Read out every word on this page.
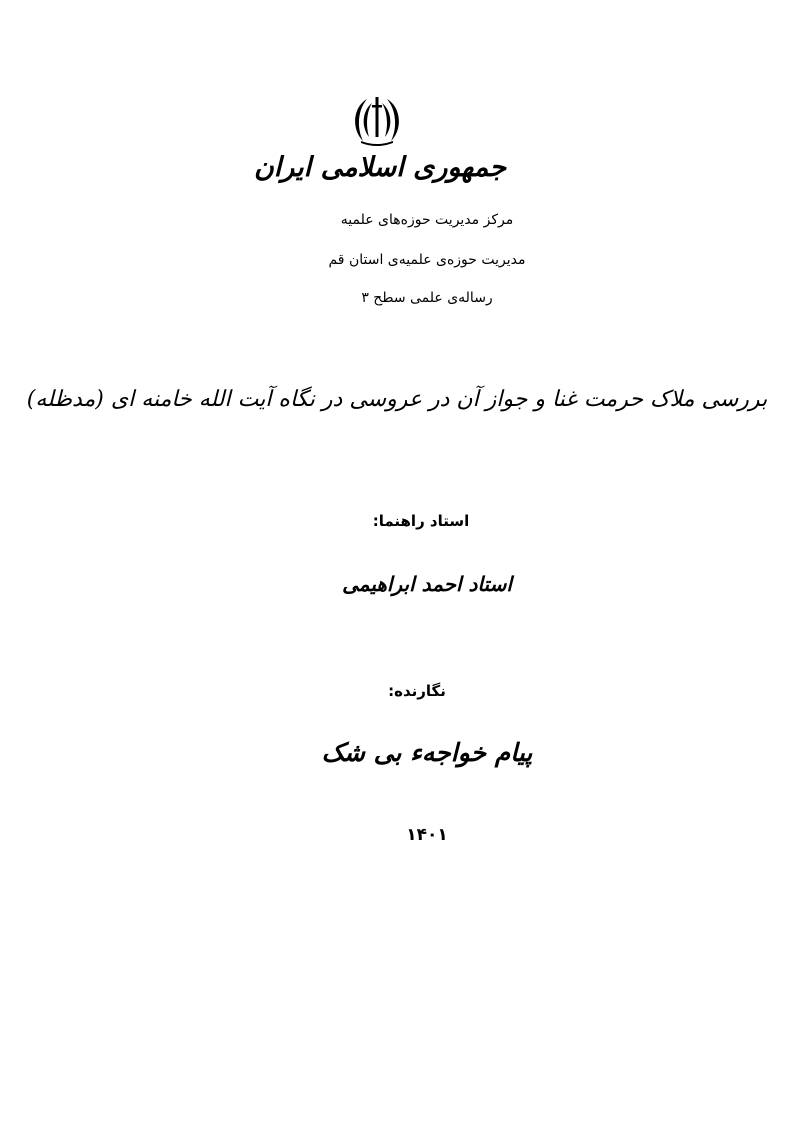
جمهوری اسلامی ایران
مرکز مدیریت حوزه‌های علمیه
مدیریت حوزه‌ی علمیه‌ی استان قم
رساله‌ی علمی سطح ۳
بررسی ملاک حرمت غنا و جواز آن در عروسی در نگاه آیت الله خامنه ای (مدظله)
استاد راهنما:
استاد احمد ابراهیمی
نگارنده:
پیام خواجه‌ء بی شک
۱۴۰۱
